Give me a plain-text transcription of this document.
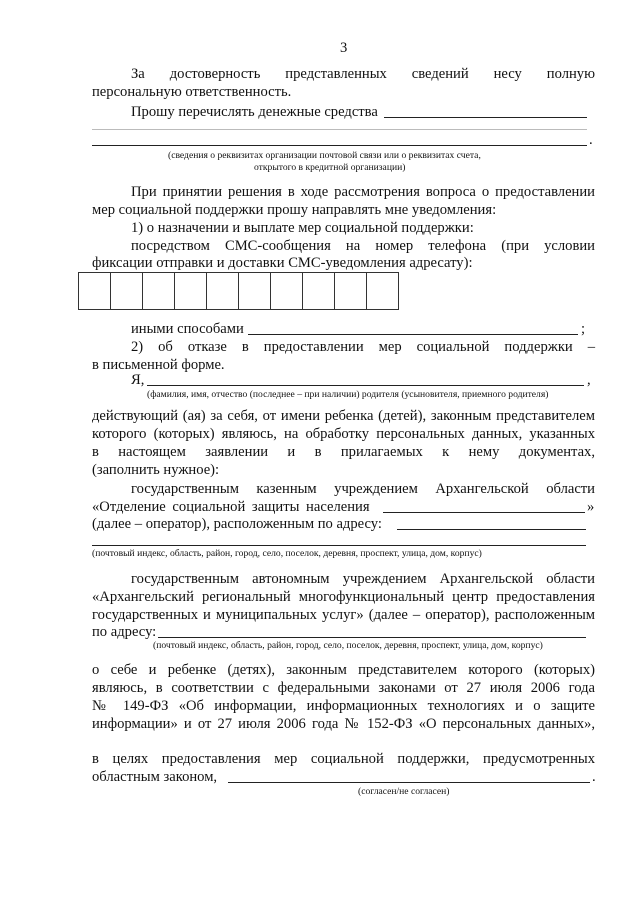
3
За достоверность представленных сведений несу полную
персональную ответственность.
Прошу перечислять денежные средства
.
(сведения о реквизитах организации почтовой связи или о реквизитах счета,
открытого в кредитной организации)
При принятии решения в ходе рассмотрения вопроса о предоставлении
мер социальной поддержки прошу направлять мне уведомления:
1) о назначении и выплате мер социальной поддержки:
посредством СМС-сообщения на номер телефона (при условии
фиксации отправки и доставки СМС-уведомления адресату):
иными способами	;
2) об отказе в предоставлении мер социальной поддержки –
в письменной форме.
Я,	,
(фамилия, имя, отчество (последнее – при наличии) родителя (усыновителя, приемного родителя)
действующий (ая) за себя, от имени ребенка (детей), законным представителем
которого (которых) являюсь, на обработку персональных данных, указанных
в настоящем заявлении и в прилагаемых к нему документах,
(заполнить нужное):
государственным казенным учреждением Архангельской области
«Отделение социальной защиты населения	»
(далее – оператор), расположенным по адресу:
(почтовый индекс, область, район, город, село, поселок, деревня, проспект, улица, дом, корпус)
государственным автономным учреждением Архангельской области
«Архангельский региональный многофункциональный центр предоставления
государственных и муниципальных услуг» (далее – оператор), расположенным
по адресу:
(почтовый индекс, область, район, город, село, поселок, деревня, проспект, улица, дом, корпус)
о себе и ребенке (детях), законным представителем которого (которых)
являюсь, в соответствии с федеральными законами от 27 июля 2006 года
№ 149-ФЗ «Об информации, информационных технологиях и о защите
информации» и от 27 июля 2006 года № 152-ФЗ «О персональных данных»,
в целях предоставления мер социальной поддержки, предусмотренных
областным законом,	.
(согласен/не согласен)
